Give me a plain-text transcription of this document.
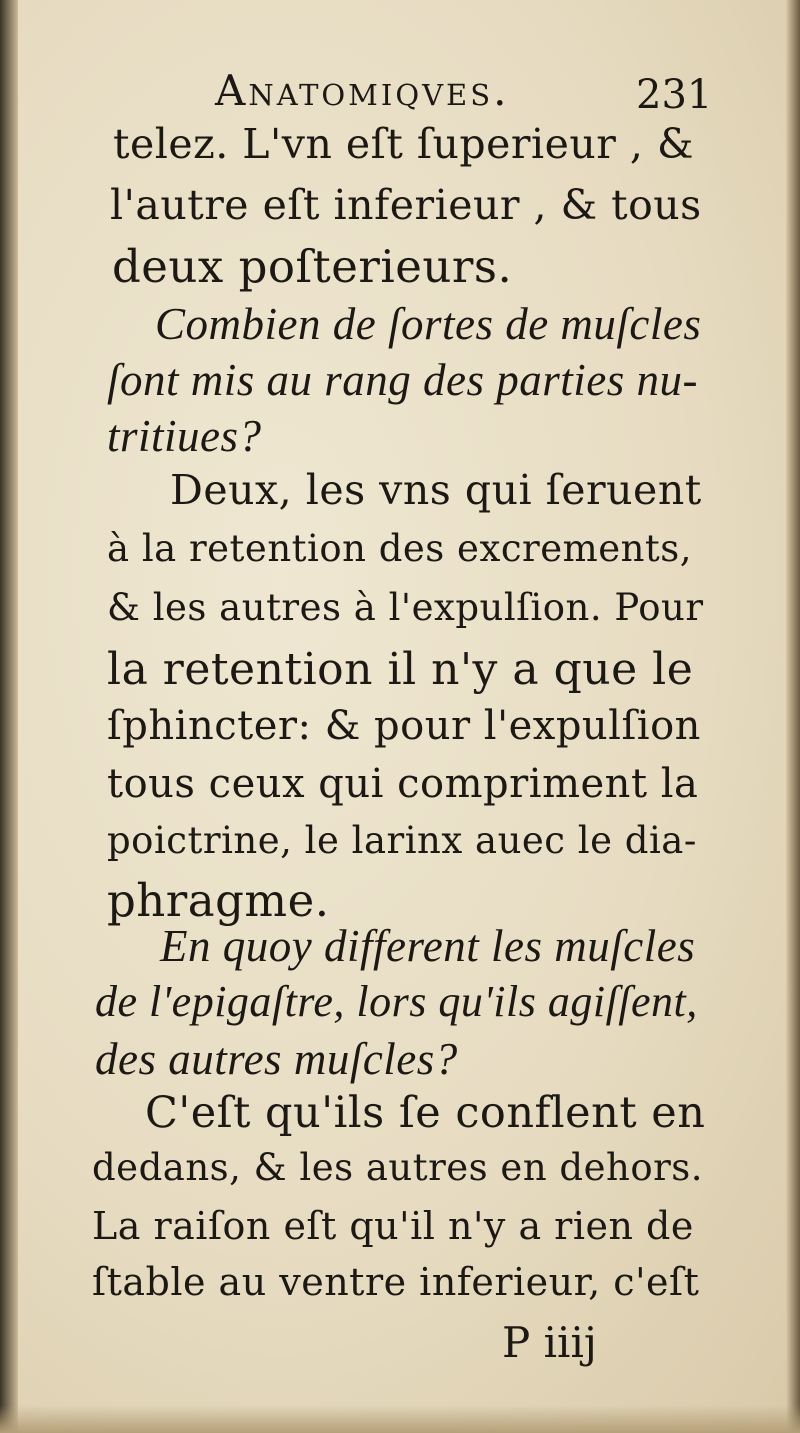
Anatomiqves.	231
telez. L'vn eſt ſuperieur , &
l'autre eſt inferieur , & tous
deux poſterieurs.
Combien de ſortes de muſcles
ſont mis au rang des parties nu-
tritiues?
Deux, les vns qui ſeruent
à la retention des excrements,
& les autres à l'expulſion. Pour
la retention il n'y a que le
ſphincter: & pour l'expulſion
tous ceux qui compriment la
poictrine, le larinx auec le dia-
phragme.
En quoy different les muſcles
de l'epigaſtre, lors qu'ils agiſſent,
des autres muſcles?
C'eſt qu'ils ſe conflent en
dedans, & les autres en dehors.
La raiſon eſt qu'il n'y a rien de
ſtable au ventre inferieur, c'eſt
P iiij
